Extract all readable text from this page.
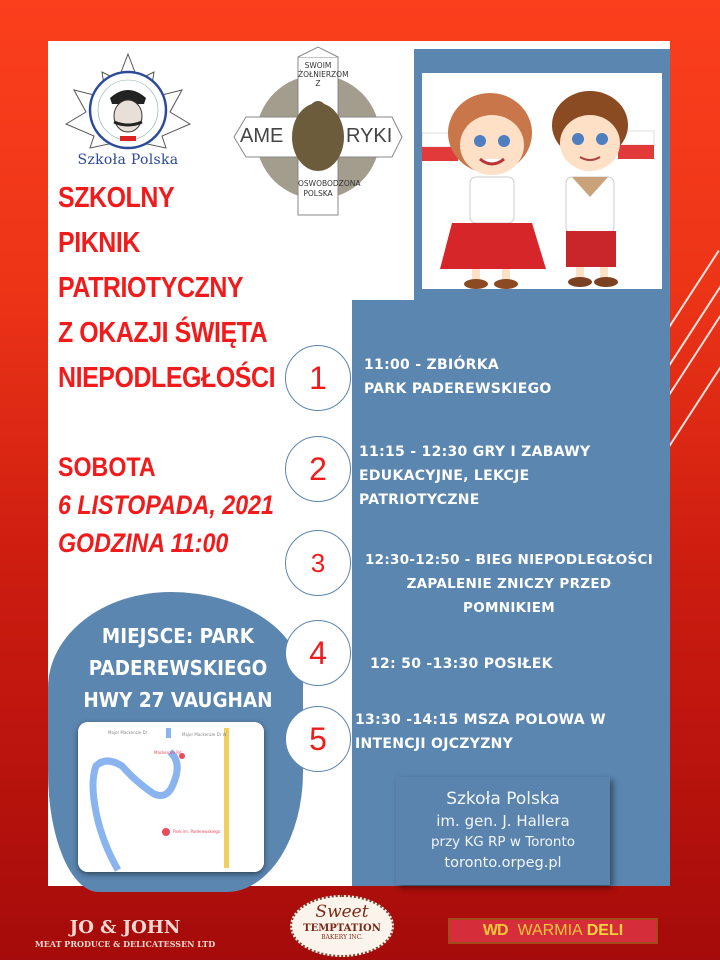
Szkoła Polska
SWOIM ŻOŁNIERZOM Z
AME	RYKI
OSWOBODZONA POLSKA
SZKOLNY
PIKNIK
PATRIOTYCZNY
Z OKAZJI ŚWIĘTA
NIEPODLEGŁOŚCI
SOBOTA
6 LISTOPADA, 2021
GODZINA 11:00
MIEJSCE: PARK
PADEREWSKIEGO
HWY 27 VAUGHAN
Major Mackenzie Dr	Major Mackenzie Dr W
Mackenzie Rd
Park im. Paderewskiego
1
2
3
4
5
11:00 - ZBIÓRKA
PARK PADEREWSKIEGO
11:15 - 12:30 GRY I ZABAWY
EDUKACYJNE, LEKCJE
PATRIOTYCZNE
12:30-12:50 - BIEG NIEPODLEGŁOŚCI
ZAPALENIE ZNICZY PRZED
POMNIKIEM
12: 50 -13:30 POSIŁEK
13:30 -14:15 MSZA POLOWA W
INTENCJI OJCZYZNY
Szkoła Polska
im. gen. J. Hallera
przy KG RP w Toronto
toronto.orpeg.pl
JO & JOHN
MEAT PRODUCE & DELICATESSEN LTD
Sweet
TEMPTATION
BAKERY INC.	WD WARMIA DELI
